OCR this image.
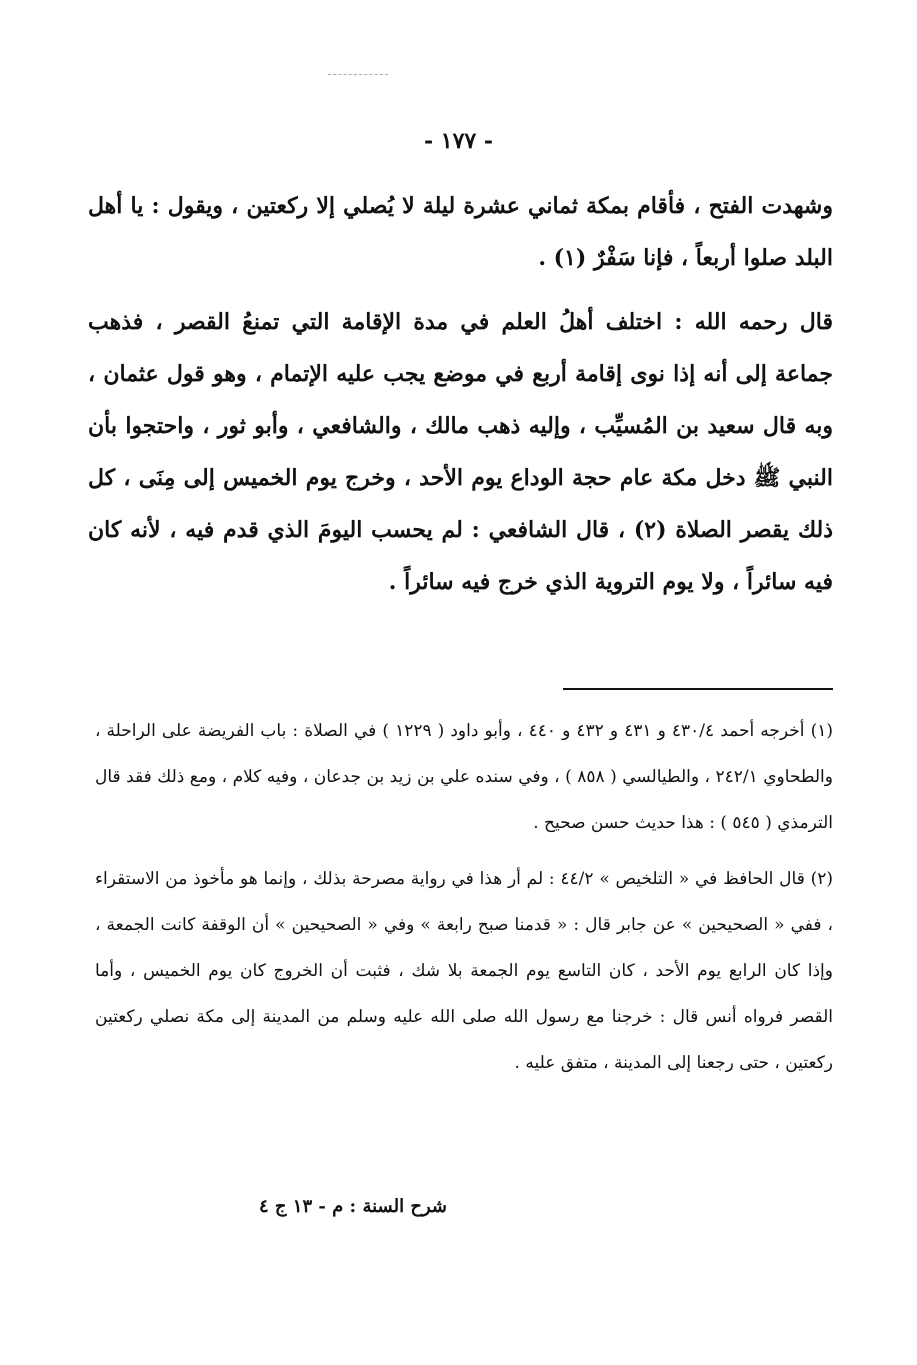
- ١٧٧ -

وشهدت الفتح ، فأقام بمكة ثماني عشرة ليلة لا يُصلي إلا ركعتين ، ويقول : يا أهل البلد صلوا أربعاً ، فإنا سَفْرٌ (١) .

قال رحمه الله : اختلف أهلُ العلم في مدة الإقامة التي تمنعُ القصر ، فذهب جماعة إلى أنه إذا نوى إقامة أربع في موضع يجب عليه الإتمام ، وهو قول عثمان ، وبه قال سعيد بن المُسيِّب ، وإليه ذهب مالك ، والشافعي ، وأبو ثور ، واحتجوا بأن النبي ﷺ دخل مكة عام حجة الوداع يوم الأحد ، وخرج يوم الخميس إلى مِنَى ، كل ذلك يقصر الصلاة (٢) ، قال الشافعي : لم يحسب اليومَ الذي قدم فيه ، لأنه كان فيه سائراً ، ولا يوم التروية الذي خرج فيه سائراً .

(١) أخرجه أحمد ٤٣٠/٤ و ٤٣١ و ٤٣٢ و ٤٤٠ ، وأبو داود ( ١٢٢٩ ) في الصلاة : باب الفريضة على الراحلة ، والطحاوي ٢٤٢/١ ، والطيالسي ( ٨٥٨ ) ، وفي سنده علي بن زيد بن جدعان ، وفيه كلام ، ومع ذلك فقد قال الترمذي ( ٥٤٥ ) : هذا حديث حسن صحيح .

(٢) قال الحافظ في « التلخيص » ٤٤/٢ : لم أر هذا في رواية مصرحة بذلك ، وإنما هو مأخوذ من الاستقراء ، ففي « الصحيحين » عن جابر قال : « قدمنا صبح رابعة » وفي « الصحيحين » أن الوقفة كانت الجمعة ، وإذا كان الرابع يوم الأحد ، كان التاسع يوم الجمعة بلا شك ، فثبت أن الخروج كان يوم الخميس ، وأما القصر فرواه أنس قال : خرجنا مع رسول الله صلى الله عليه وسلم من المدينة إلى مكة نصلي ركعتين ركعتين ، حتى رجعنا إلى المدينة ، متفق عليه .

شرح السنة : م - ١٣ ج ٤
